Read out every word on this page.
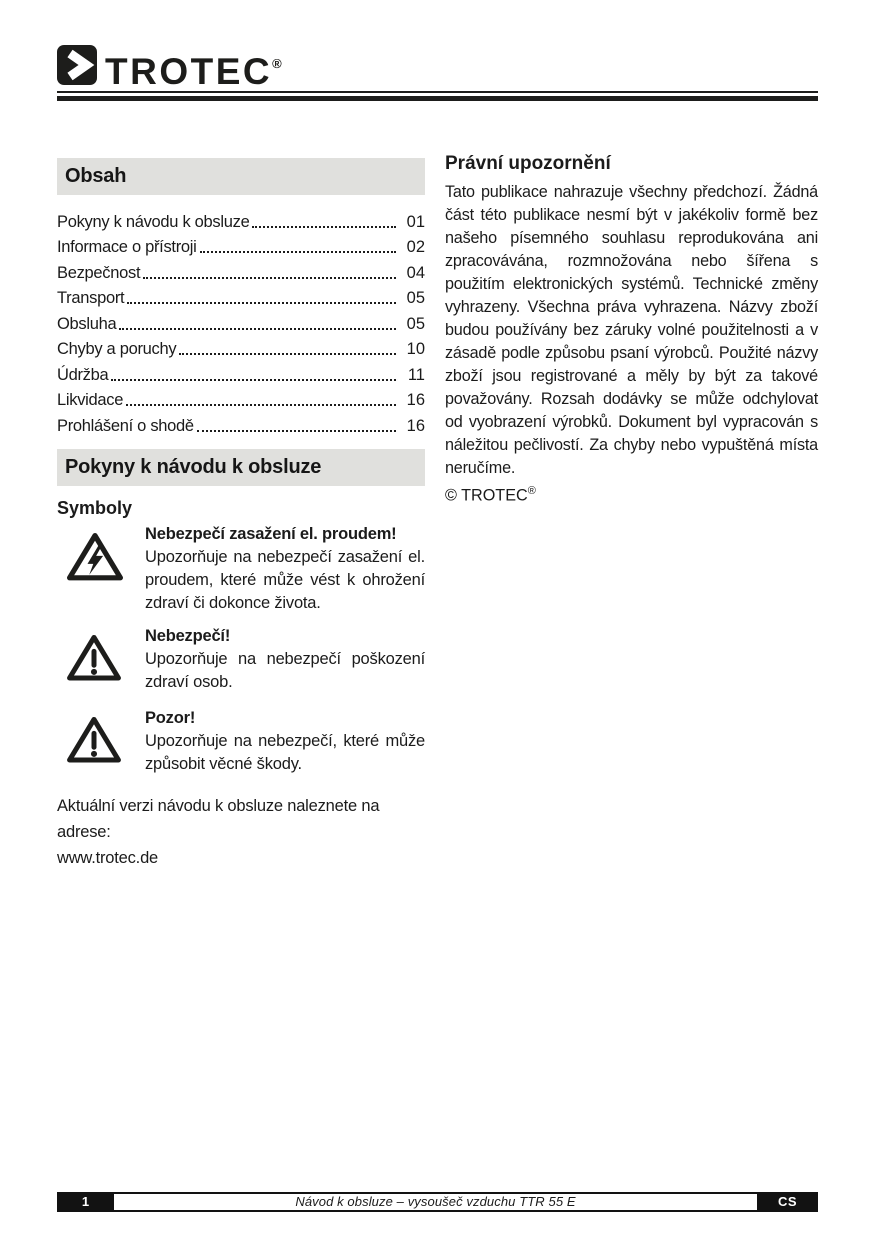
TROTEC®
Obsah
Pokyny k návodu k obsluze	01
Informace o přístroji	02
Bezpečnost	04
Transport	05
Obsluha	05
Chyby a poruchy	10
Údržba	11
Likvidace	16
Prohlášení o shodě	16
Pokyny k návodu k obsluze
Symboly
Nebezpečí zasažení el. proudem!

Upozorňuje na nebezpečí zasažení el. proudem, které může vést k ohrožení zdraví či dokonce života.

Nebezpečí!

Upozorňuje na nebezpečí poškození zdraví osob.

Pozor!

Upozorňuje na nebezpečí, které může způsobit věcné škody.

Aktuální verzi návodu k obsluze naleznete na adrese:
www.trotec.de

Právní upozornění

Tato publikace nahrazuje všechny předchozí. Žádná část této publikace nesmí být v jakékoliv formě bez našeho písemného souhlasu reprodukována ani zpracovávána, rozmnožována nebo šířena s použitím elektronických systémů. Technické změny vyhrazeny. Všechna práva vyhrazena. Názvy zboží budou používány bez záruky volné použitelnosti a v zásadě podle způsobu psaní výrobců. Použité názvy zboží jsou registrované a měly by být za takové považovány. Rozsah dodávky se může odchylovat od vyobrazení výrobků. Dokument byl vypracován s náležitou pečlivostí. Za chyby nebo vypuštěná místa neručíme.

© TROTEC®

1	Návod k obsluze – vysoušeč vzduchu TTR 55 E	CS
